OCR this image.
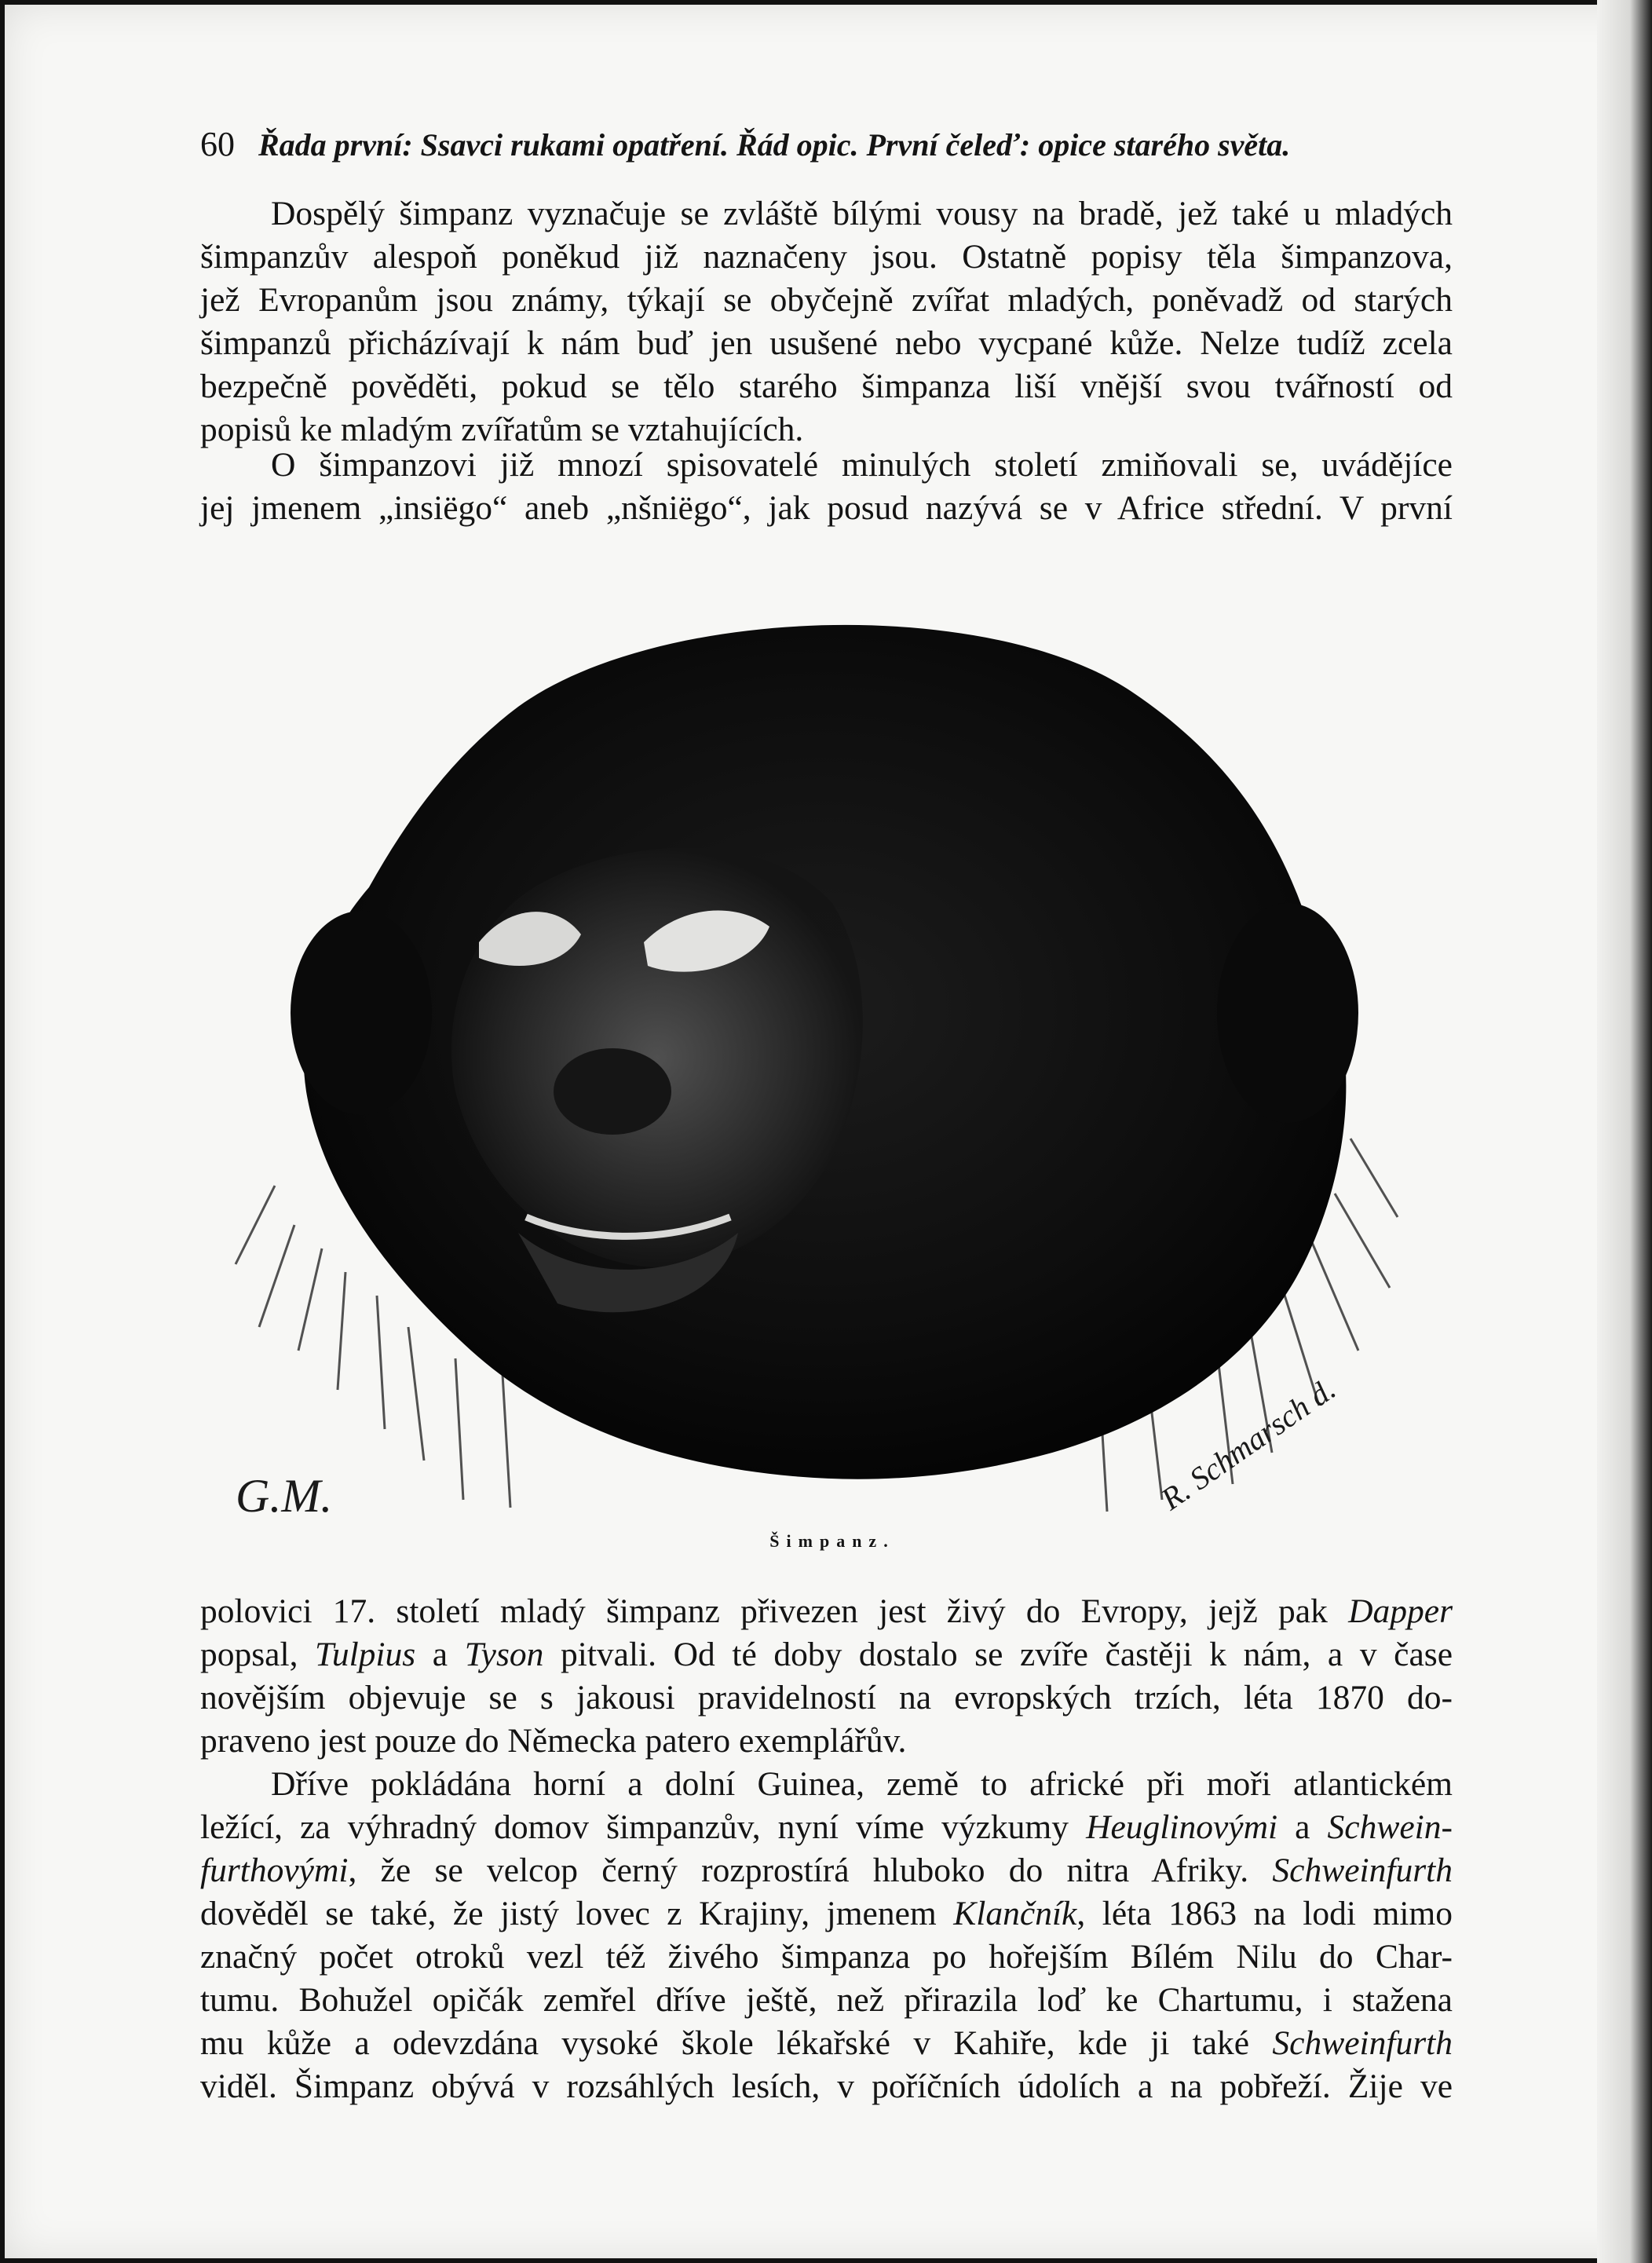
60 Řada první: Ssavci rukami opatření. Řád opic. První čeleď: opice starého světa.
Dospělý šimpanz vyznačuje se zvláště bílými vousy na bradě, jež také u mladých
šimpanzův alespoň poněkud již naznačeny jsou. Ostatně popisy těla šimpanzova,
jež Evropanům jsou známy, týkají se obyčejně zvířat mladých, poněvadž od starých
šimpanzů přicházívají k nám buď jen usušené nebo vycpané kůže. Nelze tudíž zcela
bezpečně pověděti, pokud se tělo starého šimpanza liší vnější svou tvářností od
popisů ke mladým zvířatům se vztahujících.
O šimpanzovi již mnozí spisovatelé minulých století zmiňovali se, uvádějíce
jej jmenem „insiëgo“ aneb „nšniëgo“, jak posud nazývá se v Africe střední. V první
G.M.	R. Schmarsch d.
Šimpanz.
polovici 17. století mladý šimpanz přivezen jest živý do Evropy, jejž pak Dapper
popsal, Tulpius a Tyson pitvali. Od té doby dostalo se zvíře častěji k nám, a v čase
novějším objevuje se s jakousi pravidelností na evropských trzích, léta 1870 do-
praveno jest pouze do Německa patero exemplářův.
Dříve pokládána horní a dolní Guinea, země to africké při moři atlantickém
ležící, za výhradný domov šimpanzův, nyní víme výzkumy Heuglinovými a Schwein-
furthovými, že se velcop černý rozprostírá hluboko do nitra Afriky. Schweinfurth
dověděl se také, že jistý lovec z Krajiny, jmenem Klančník, léta 1863 na lodi mimo
značný počet otroků vezl též živého šimpanza po hořejším Bílém Nilu do Char-
tumu. Bohužel opičák zemřel dříve ještě, než přirazila loď ke Chartumu, i stažena
mu kůže a odevzdána vysoké škole lékařské v Kahiře, kde ji také Schweinfurth
viděl. Šimpanz obývá v rozsáhlých lesích, v poříčních údolích a na pobřeží. Žije ve
